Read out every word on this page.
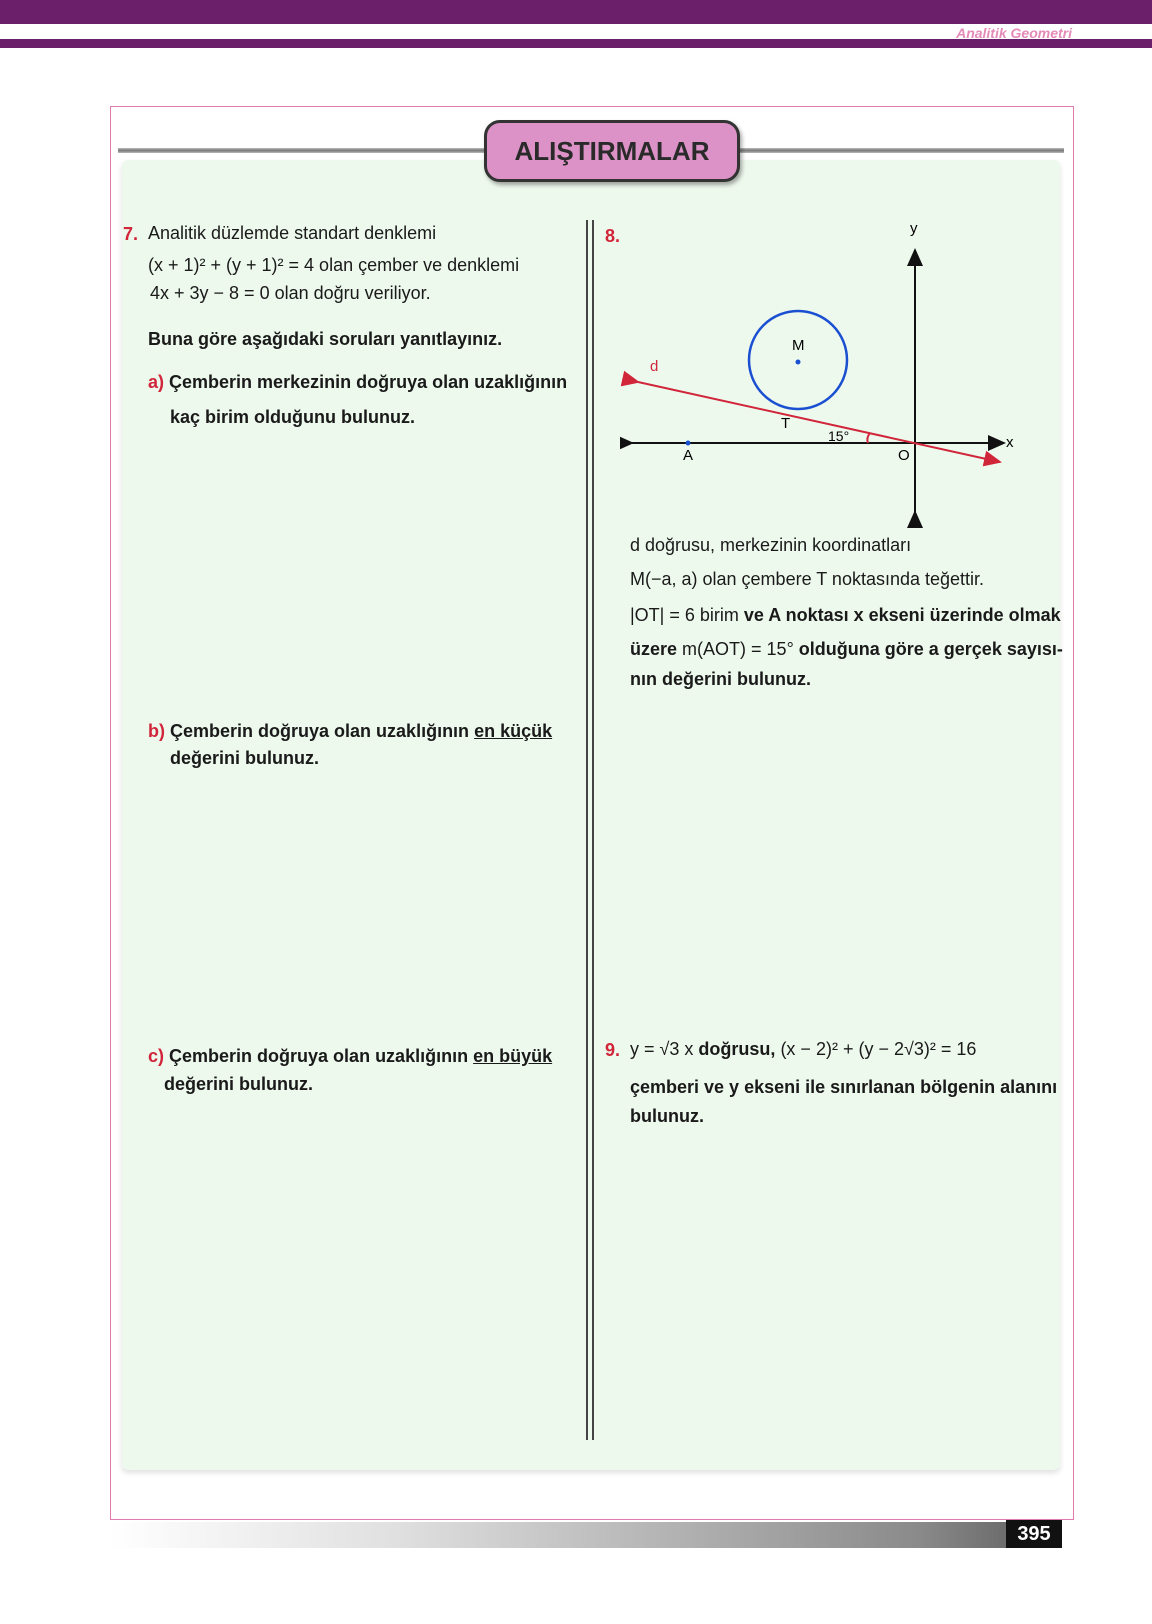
Analitik Geometri
ALIŞTIRMALAR
7. Analitik düzlemde standart denklemi
(x + 1)² + (y + 1)² = 4 olan çember ve denklemi
4x + 3y − 8 = 0 olan doğru veriliyor.
Buna göre aşağıdaki soruları yanıtlayınız.
a) Çemberin merkezinin doğruya olan uzaklığının
kaç birim olduğunu bulunuz.
b) Çemberin doğruya olan uzaklığının en küçük
değerini bulunuz.
c) Çemberin doğruya olan uzaklığının en büyük
değerini bulunuz.
8.	y
x
M
d
T
A	O
15°
d doğrusu, merkezinin koordinatları
M(−a, a) olan çembere T noktasında teğettir.
|OT| = 6 birim ve A noktası x ekseni üzerinde olmak
üzere m(AOT) = 15° olduğuna göre a gerçek sayısı-
nın değerini bulunuz.
9. y = √3 x doğrusu, (x − 2)² + (y − 2√3)² = 16
çemberi ve y ekseni ile sınırlanan bölgenin alanını
bulunuz.
395
